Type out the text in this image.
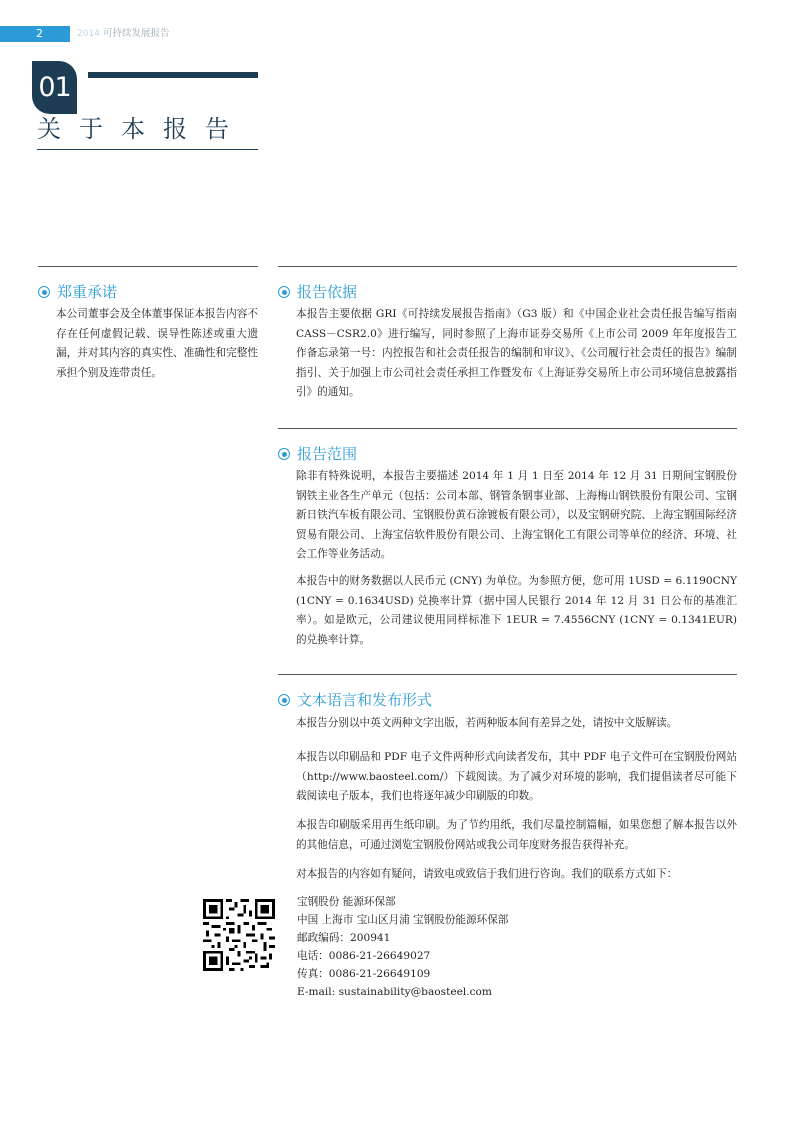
2	2014 可持续发展报告
01
关于本报告
郑重承诺

本公司董事会及全体董事保证本报告内容不存在任何虚假记载、误导性陈述或重大遗漏，并对其内容的真实性、准确性和完整性承担个别及连带责任。

报告依据

本报告主要依据 GRI《可持续发展报告指南》（G3 版）和《中国企业社会责任报告编写指南 CASS－CSR2.0》进行编写，同时参照了上海市证券交易所《上市公司 2009 年年度报告工作备忘录第一号：内控报告和社会责任报告的编制和审议》、《公司履行社会责任的报告》编制指引、关于加强上市公司社会责任承担工作暨发布《上海证券交易所上市公司环境信息披露指引》的通知。

报告范围

除非有特殊说明，本报告主要描述 2014 年 1 月 1 日至 2014 年 12 月 31 日期间宝钢股份钢铁主业各生产单元（包括：公司本部、钢管条钢事业部、上海梅山钢铁股份有限公司、宝钢新日铁汽车板有限公司、宝钢股份黄石涂镀板有限公司），以及宝钢研究院、上海宝钢国际经济贸易有限公司、上海宝信软件股份有限公司、上海宝钢化工有限公司等单位的经济、环境、社会工作等业务活动。

本报告中的财务数据以人民币元 (CNY) 为单位。为参照方便，您可用 1USD = 6.1190CNY (1CNY = 0.1634USD) 兑换率计算（据中国人民银行 2014 年 12 月 31 日公布的基准汇率）。如是欧元，公司建议使用同样标准下 1EUR = 7.4556CNY (1CNY = 0.1341EUR) 的兑换率计算。

文本语言和发布形式

本报告分别以中英文两种文字出版，若两种版本间有差异之处，请按中文版解读。

本报告以印刷品和 PDF 电子文件两种形式向读者发布，其中 PDF 电子文件可在宝钢股份网站（http://www.baosteel.com/）下载阅读。为了减少对环境的影响，我们提倡读者尽可能下载阅读电子版本，我们也将逐年减少印刷版的印数。

本报告印刷版采用再生纸印刷。为了节约用纸，我们尽量控制篇幅，如果您想了解本报告以外的其他信息，可通过浏览宝钢股份网站或我公司年度财务报告获得补充。

对本报告的内容如有疑问，请致电或致信于我们进行咨询。我们的联系方式如下：

宝钢股份 能源环保部
中国 上海市 宝山区月浦 宝钢股份能源环保部
邮政编码：200941
电话：0086-21-26649027
传真：0086-21-26649109
E-mail: sustainability@baosteel.com
